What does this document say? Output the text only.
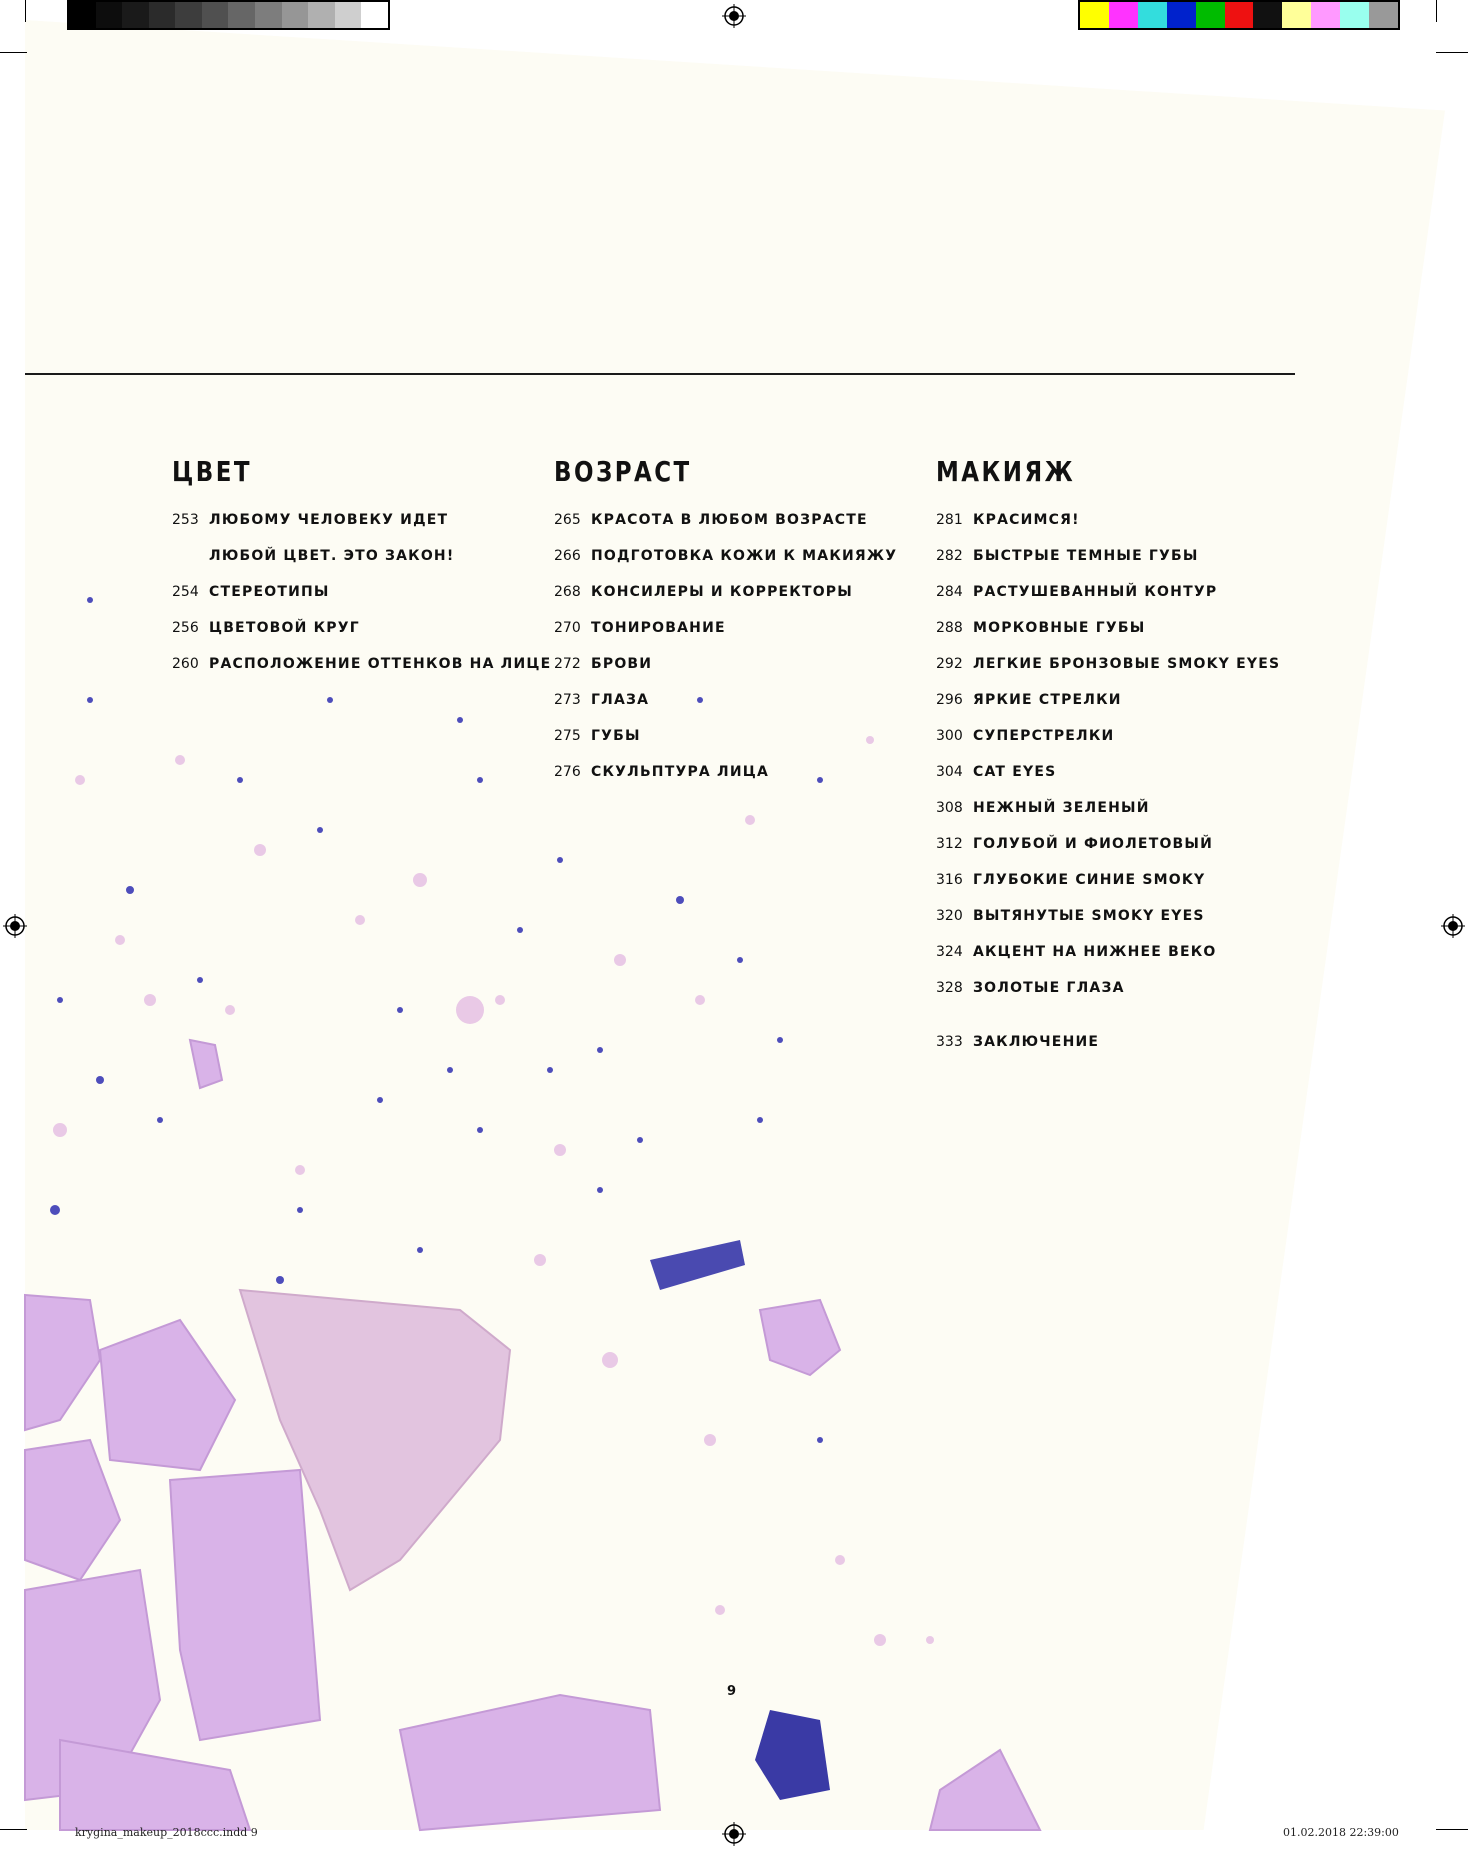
ЦВЕТ
253 ЛЮБОМУ ЧЕЛОВЕКУ ИДЕТ
ЛЮБОЙ ЦВЕТ. ЭТО ЗАКОН!
254 СТЕРЕОТИПЫ
256 ЦВЕТОВОЙ КРУГ
260 РАСПОЛОЖЕНИЕ ОТТЕНКОВ НА ЛИЦЕ
ВОЗРАСТ
265 КРАСОТА В ЛЮБОМ ВОЗРАСТЕ
266 ПОДГОТОВКА КОЖИ К МАКИЯЖУ
268 КОНСИЛЕРЫ И КОРРЕКТОРЫ
270 ТОНИРОВАНИЕ
272 БРОВИ
273 ГЛАЗА
275 ГУБЫ
276 СКУЛЬПТУРА ЛИЦА
МАКИЯЖ
281 КРАСИМСЯ!
282 БЫСТРЫЕ ТЕМНЫЕ ГУБЫ
284 РАСТУШЕВАННЫЙ КОНТУР
288 МОРКОВНЫЕ ГУБЫ
292 ЛЕГКИЕ БРОНЗОВЫЕ SMOKY EYES
296 ЯРКИЕ СТРЕЛКИ
300 СУПЕРСТРЕЛКИ
304 CAT EYES
308 НЕЖНЫЙ ЗЕЛЕНЫЙ
312 ГОЛУБОЙ И ФИОЛЕТОВЫЙ
316 ГЛУБОКИЕ СИНИЕ SMOKY
320 ВЫТЯНУТЫЕ SMOKY EYES
324 АКЦЕНТ НА НИЖНЕЕ ВЕКО
328 ЗОЛОТЫЕ ГЛАЗА
333 ЗАКЛЮЧЕНИЕ
9
krygina_makeup_2018ccc.indd 9	01.02.2018 22:39:00
